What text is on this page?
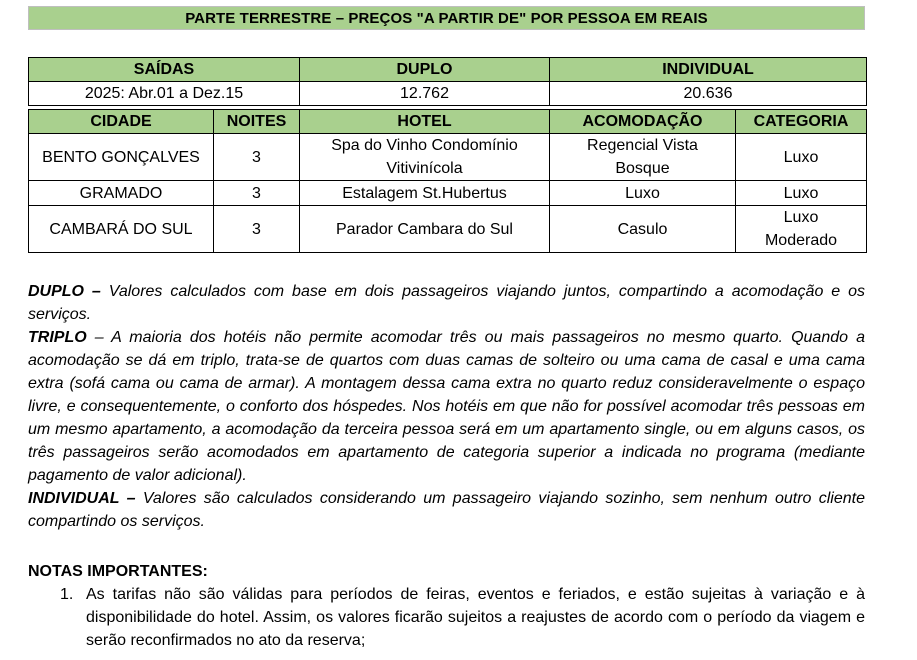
PARTE TERRESTRE – PREÇOS "A PARTIR DE" POR PESSOA EM REAIS
SAÍDAS	DUPLO	INDIVIDUAL
2025: Abr.01 a Dez.15	12.762	20.636
CIDADE	NOITES	HOTEL	ACOMODAÇÃO	CATEGORIA
BENTO GONÇALVES	3	Spa do Vinho Condomínio Vitivinícola	Regencial Vista Bosque	Luxo
GRAMADO	3	Estalagem St.Hubertus	Luxo	Luxo
CAMBARÁ DO SUL	3	Parador Cambara do Sul	Casulo	Luxo Moderado

DUPLO – Valores calculados com base em dois passageiros viajando juntos, compartindo a acomodação e os serviços.

TRIPLO – A maioria dos hotéis não permite acomodar três ou mais passageiros no mesmo quarto. Quando a acomodação se dá em triplo, trata-se de quartos com duas camas de solteiro ou uma cama de casal e uma cama extra (sofá cama ou cama de armar). A montagem dessa cama extra no quarto reduz consideravelmente o espaço livre, e consequentemente, o conforto dos hóspedes. Nos hotéis em que não for possível acomodar três pessoas em um mesmo apartamento, a acomodação da terceira pessoa será em um apartamento single, ou em alguns casos, os três passageiros serão acomodados em apartamento de categoria superior a indicada no programa (mediante pagamento de valor adicional).

INDIVIDUAL – Valores são calculados considerando um passageiro viajando sozinho, sem nenhum outro cliente compartindo os serviços.

NOTAS IMPORTANTES:
1. As tarifas não são válidas para períodos de feiras, eventos e feriados, e estão sujeitas à variação e à disponibilidade do hotel. Assim, os valores ficarão sujeitos a reajustes de acordo com o período da viagem e serão reconfirmados no ato da reserva;
